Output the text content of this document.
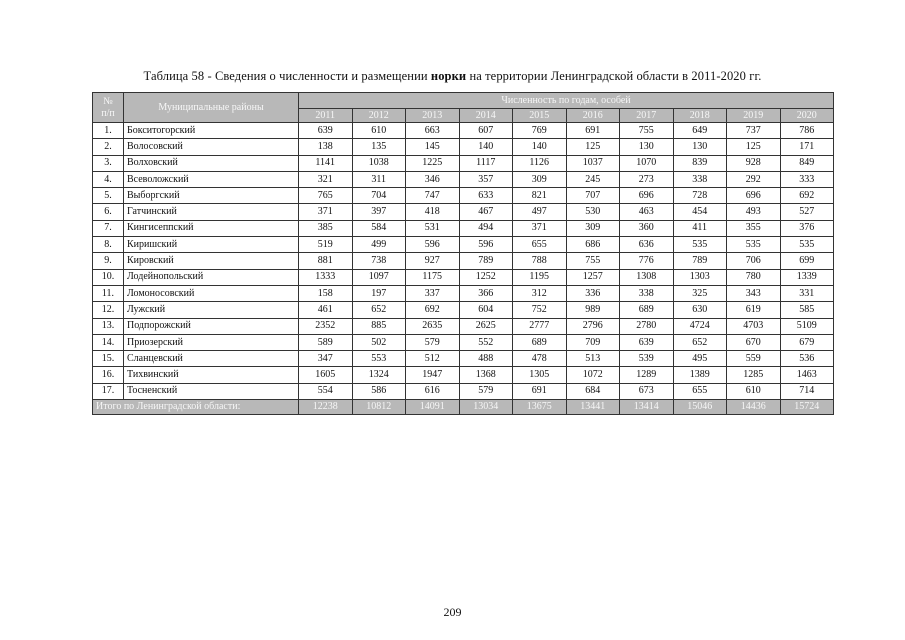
Таблица 58 - Сведения о численности и размещении норки на территории Ленинградской области в 2011-2020 гг.
№
п/п	Муниципальные районы	Численность по годам, особей									
		2011	2012	2013	2014	2015	2016	2017	2018	2019	2020
1.	Бокситогорский	639	610	663	607	769	691	755	649	737	786
2.	Волосовский	138	135	145	140	140	125	130	130	125	171
3.	Волховский	1141	1038	1225	1117	1126	1037	1070	839	928	849
4.	Всеволожский	321	311	346	357	309	245	273	338	292	333
5.	Выборгский	765	704	747	633	821	707	696	728	696	692
6.	Гатчинский	371	397	418	467	497	530	463	454	493	527
7.	Кингисеппский	385	584	531	494	371	309	360	411	355	376
8.	Киришский	519	499	596	596	655	686	636	535	535	535
9.	Кировский	881	738	927	789	788	755	776	789	706	699
10.	Лодейнопольский	1333	1097	1175	1252	1195	1257	1308	1303	780	1339
11.	Ломоносовский	158	197	337	366	312	336	338	325	343	331
12.	Лужский	461	652	692	604	752	989	689	630	619	585
13.	Подпорожский	2352	885	2635	2625	2777	2796	2780	4724	4703	5109
14.	Приозерский	589	502	579	552	689	709	639	652	670	679
15.	Сланцевский	347	553	512	488	478	513	539	495	559	536
16.	Тихвинский	1605	1324	1947	1368	1305	1072	1289	1389	1285	1463
17.	Тосненский	554	586	616	579	691	684	673	655	610	714
Итого по Ленинградской области:		12238	10812	14091	13034	13675	13441	13414	15046	14436	15724
209
